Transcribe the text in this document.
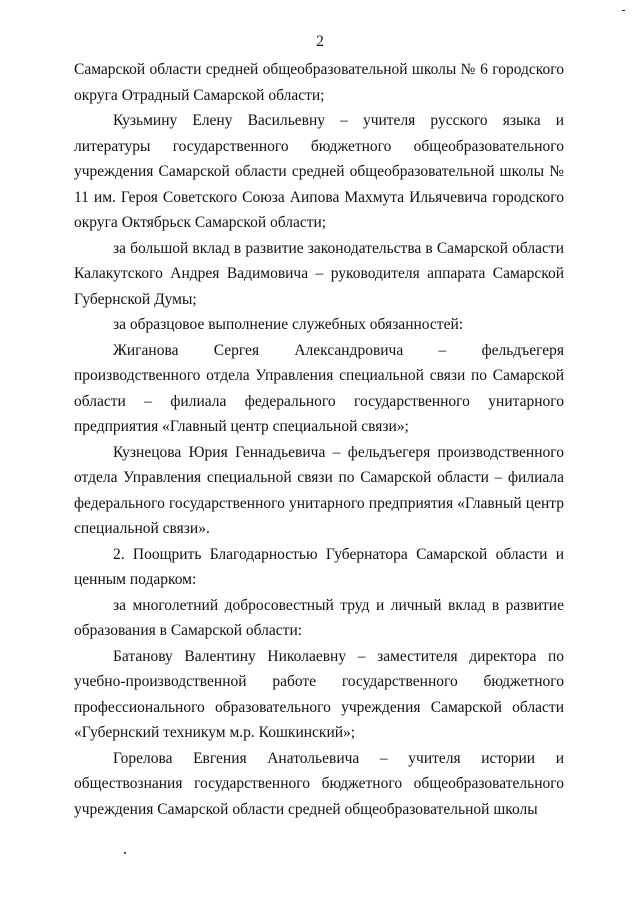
2

Самарской области средней общеобразовательной школы № 6 городского округа Отрадный Самарской области;

Кузьмину Елену Васильевну – учителя русского языка и литературы государственного бюджетного общеобразовательного учреждения Самарской области средней общеобразовательной школы № 11 им. Героя Советского Союза Аипова Махмута Ильячевича городского округа Октябрьск Самарской области;

за большой вклад в развитие законодательства в Самарской области Калакутского Андрея Вадимовича – руководителя аппарата Самарской Губернской Думы;

за образцовое выполнение служебных обязанностей:

Жиганова Сергея Александровича – фельдъегеря производственного отдела Управления специальной связи по Самарской области – филиала федерального государственного унитарного предприятия «Главный центр специальной связи»;

Кузнецова Юрия Геннадьевича – фельдъегеря производственного отдела Управления специальной связи по Самарской области – филиала федерального государственного унитарного предприятия «Главный центр специальной связи».

2. Поощрить Благодарностью Губернатора Самарской области и ценным подарком:

за многолетний добросовестный труд и личный вклад в развитие образования в Самарской области:

Батанову Валентину Николаевну – заместителя директора по учебно-производственной работе государственного бюджетного профессионального образовательного учреждения Самарской области «Губернский техникум м.р. Кошкинский»;

Горелова Евгения Анатольевича – учителя истории и обществознания государственного бюджетного общеобразовательного учреждения Самарской области средней общеобразовательной школы
